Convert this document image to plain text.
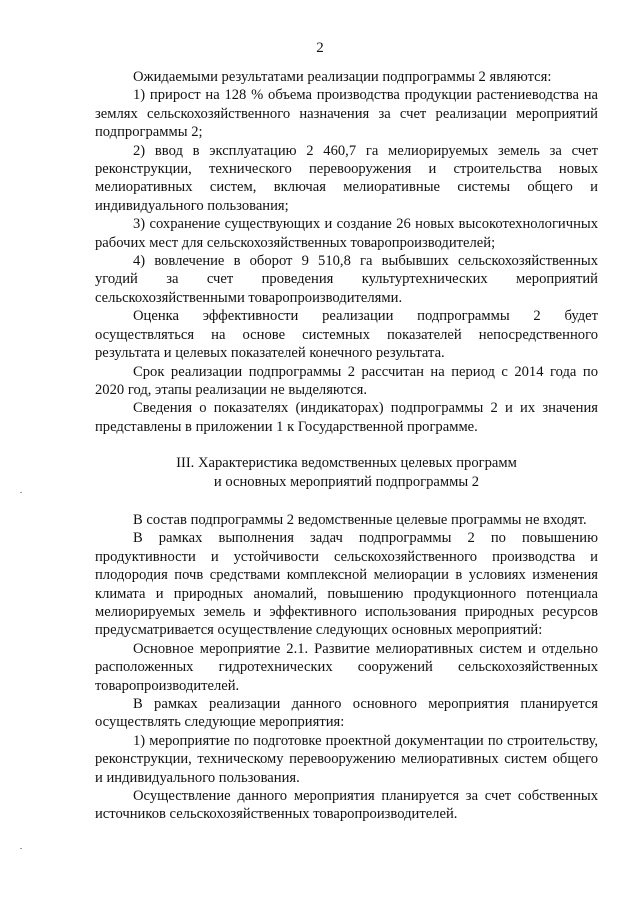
2

Ожидаемыми результатами реализации подпрограммы 2 являются:

1) прирост на 128 % объема производства продукции растениеводства на землях сельскохозяйственного назначения за счет реализации мероприятий подпрограммы 2;

2) ввод в эксплуатацию 2 460,7 га мелиорируемых земель за счет реконструкции, технического перевооружения и строительства новых мелиоративных систем, включая мелиоративные системы общего и индивидуального пользования;

3) сохранение существующих и создание 26 новых высокотехнологичных рабочих мест для сельскохозяйственных товаропроизводителей;

4) вовлечение в оборот 9 510,8 га выбывших сельскохозяйственных угодий за счет проведения культуртехнических мероприятий сельскохозяйственными товаропроизводителями.

Оценка эффективности реализации подпрограммы 2 будет осуществляться на основе системных показателей непосредственного результата и целевых показателей конечного результата.

Срок реализации подпрограммы 2 рассчитан на период с 2014 года по 2020 год, этапы реализации не выделяются.

Сведения о показателях (индикаторах) подпрограммы 2 и их значения представлены в приложении 1 к Государственной программе.

III. Характеристика ведомственных целевых программ

и основных мероприятий подпрограммы 2

В состав подпрограммы 2 ведомственные целевые программы не входят.

В рамках выполнения задач подпрограммы 2 по повышению продуктивности и устойчивости сельскохозяйственного производства и плодородия почв средствами комплексной мелиорации в условиях изменения климата и природных аномалий, повышению продукционного потенциала мелиорируемых земель и эффективного использования природных ресурсов предусматривается осуществление следующих основных мероприятий:

Основное мероприятие 2.1. Развитие мелиоративных систем и отдельно расположенных гидротехнических сооружений сельскохозяйственных товаропроизводителей.

В рамках реализации данного основного мероприятия планируется осуществлять следующие мероприятия:

1) мероприятие по подготовке проектной документации по строительству, реконструкции, техническому перевооружению мелиоративных систем общего и индивидуального пользования.

Осуществление данного мероприятия планируется за счет собственных источников сельскохозяйственных товаропроизводителей.
